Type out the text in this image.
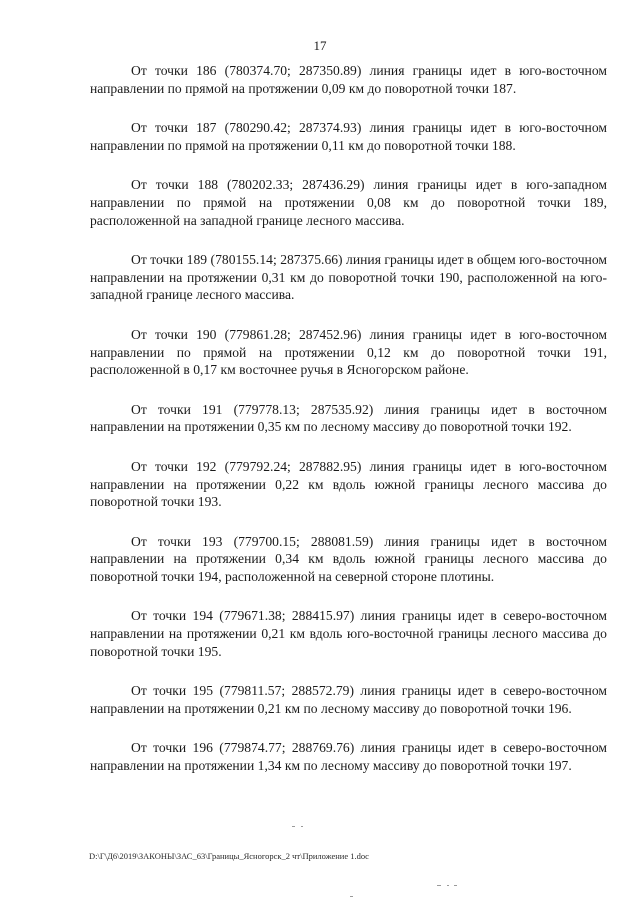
17

От точки 186 (780374.70; 287350.89) линия границы идет в юго-восточном направлении по прямой на протяжении 0,09 км до поворотной точки 187.

От точки 187 (780290.42; 287374.93) линия границы идет в юго-восточном направлении по прямой на протяжении 0,11 км до поворотной точки 188.

От точки 188 (780202.33; 287436.29) линия границы идет в юго-западном направлении по прямой на протяжении 0,08 км до поворотной точки 189, расположенной на западной границе лесного массива.

От точки 189 (780155.14; 287375.66) линия границы идет в общем юго-восточном направлении на протяжении 0,31 км до поворотной точки 190, расположенной на юго-западной границе лесного массива.

От точки 190 (779861.28; 287452.96) линия границы идет в юго-восточном направлении по прямой на протяжении 0,12 км до поворотной точки 191, расположенной в 0,17 км восточнее ручья в Ясногорском районе.

От точки 191 (779778.13; 287535.92) линия границы идет в восточном направлении на протяжении 0,35 км по лесному массиву до поворотной точки 192.

От точки 192 (779792.24; 287882.95) линия границы идет в юго-восточном направлении на протяжении 0,22 км вдоль южной границы лесного массива до поворотной точки 193.

От точки 193 (779700.15; 288081.59) линия границы идет в восточном направлении на протяжении 0,34 км вдоль южной границы лесного массива до поворотной точки 194, расположенной на северной стороне плотины.

От точки 194 (779671.38; 288415.97) линия границы идет в северо-восточном направлении на протяжении 0,21 км вдоль юго-восточной границы лесного массива до поворотной точки 195.

От точки 195 (779811.57; 288572.79) линия границы идет в северо-восточном направлении на протяжении 0,21 км по лесному массиву до поворотной точки 196.

От точки 196 (779874.77; 288769.76) линия границы идет в северо-восточном направлении на протяжении 1,34 км по лесному массиву до поворотной точки 197.

D:\Г\Д6\2019\ЗАКОНЫ\ЗАС_63\Границы_Ясногорск_2 чт\Приложение 1.doc
